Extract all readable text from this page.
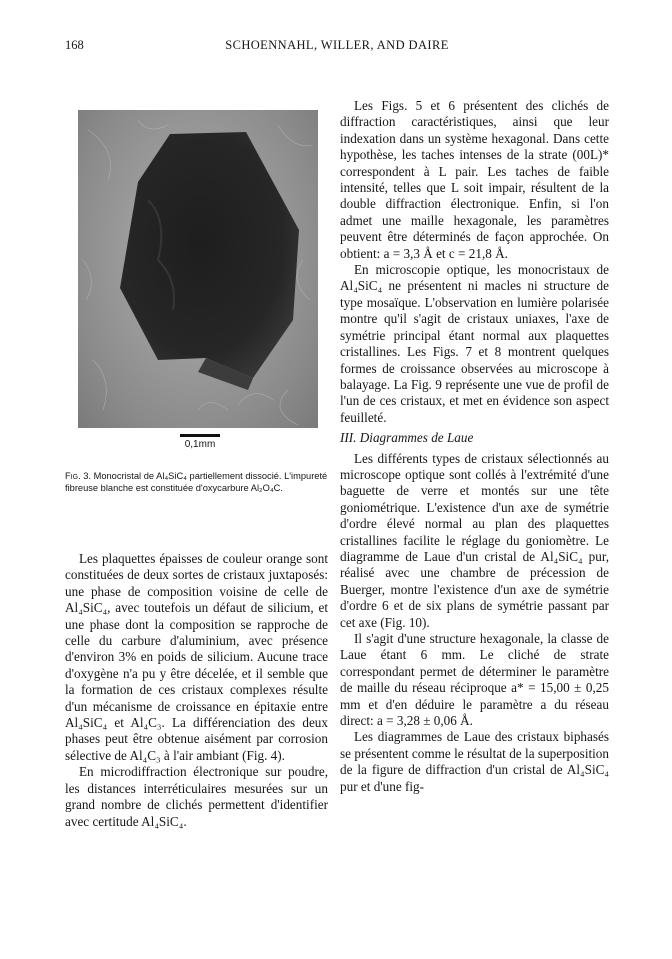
168	SCHOENNAHL, WILLER, AND DAIRE
0,1mm
Fig. 3. Monocristal de Al₄SiC₄ partiellement dissocié. L'impureté fibreuse blanche est constituée d'oxycarbure Al₂O₄C.

Les plaquettes épaisses de couleur orange sont constituées de deux sortes de cristaux juxtaposés: une phase de composition voisine de celle de Al₄SiC₄, avec toutefois un défaut de silicium, et une phase dont la composition se rapproche de celle du carbure d'aluminium, avec présence d'environ 3% en poids de silicium. Aucune trace d'oxygène n'a pu y être décelée, et il semble que la formation de ces cristaux complexes résulte d'un mécanisme de croissance en épitaxie entre Al₄SiC₄ et Al₄C₃. La différenciation des deux phases peut être obtenue aisément par corrosion sélective de Al₄C₃ à l'air ambiant (Fig. 4).

En microdiffraction électronique sur poudre, les distances interréticulaires mesurées sur un grand nombre de clichés permettent d'identifier avec certitude Al₄SiC₄.

Les Figs. 5 et 6 présentent des clichés de diffraction caractéristiques, ainsi que leur indexation dans un système hexagonal. Dans cette hypothèse, les taches intenses de la strate (00L)* correspondent à L pair. Les taches de faible intensité, telles que L soit impair, résultent de la double diffraction électronique. Enfin, si l'on admet une maille hexagonale, les paramètres peuvent être déterminés de façon approchée. On obtient: a = 3,3 Å et c = 21,8 Å.

En microscopie optique, les monocristaux de Al₄SiC₄ ne présentent ni macles ni structure de type mosaïque. L'observation en lumière polarisée montre qu'il s'agit de cristaux uniaxes, l'axe de symétrie principal étant normal aux plaquettes cristallines. Les Figs. 7 et 8 montrent quelques formes de croissance observées au microscope à balayage. La Fig. 9 représente une vue de profil de l'un de ces cristaux, et met en évidence son aspect feuilleté.

III. Diagrammes de Laue

Les différents types de cristaux sélectionnés au microscope optique sont collés à l'extrémité d'une baguette de verre et montés sur une tête goniométrique. L'existence d'un axe de symétrie d'ordre élevé normal au plan des plaquettes cristallines facilite le réglage du goniomètre. Le diagramme de Laue d'un cristal de Al₄SiC₄ pur, réalisé avec une chambre de précession de Buerger, montre l'existence d'un axe de symétrie d'ordre 6 et de six plans de symétrie passant par cet axe (Fig. 10).

Il s'agit d'une structure hexagonale, la classe de Laue étant 6 mm. Le cliché de strate correspondant permet de déterminer le paramètre de maille du réseau réciproque a* = 15,00 ± 0,25 mm et d'en déduire le paramètre a du réseau direct: a = 3,28 ± 0,06 Å.

Les diagrammes de Laue des cristaux biphasés se présentent comme le résultat de la superposition de la figure de diffraction d'un cristal de Al₄SiC₄ pur et d'une fig-
